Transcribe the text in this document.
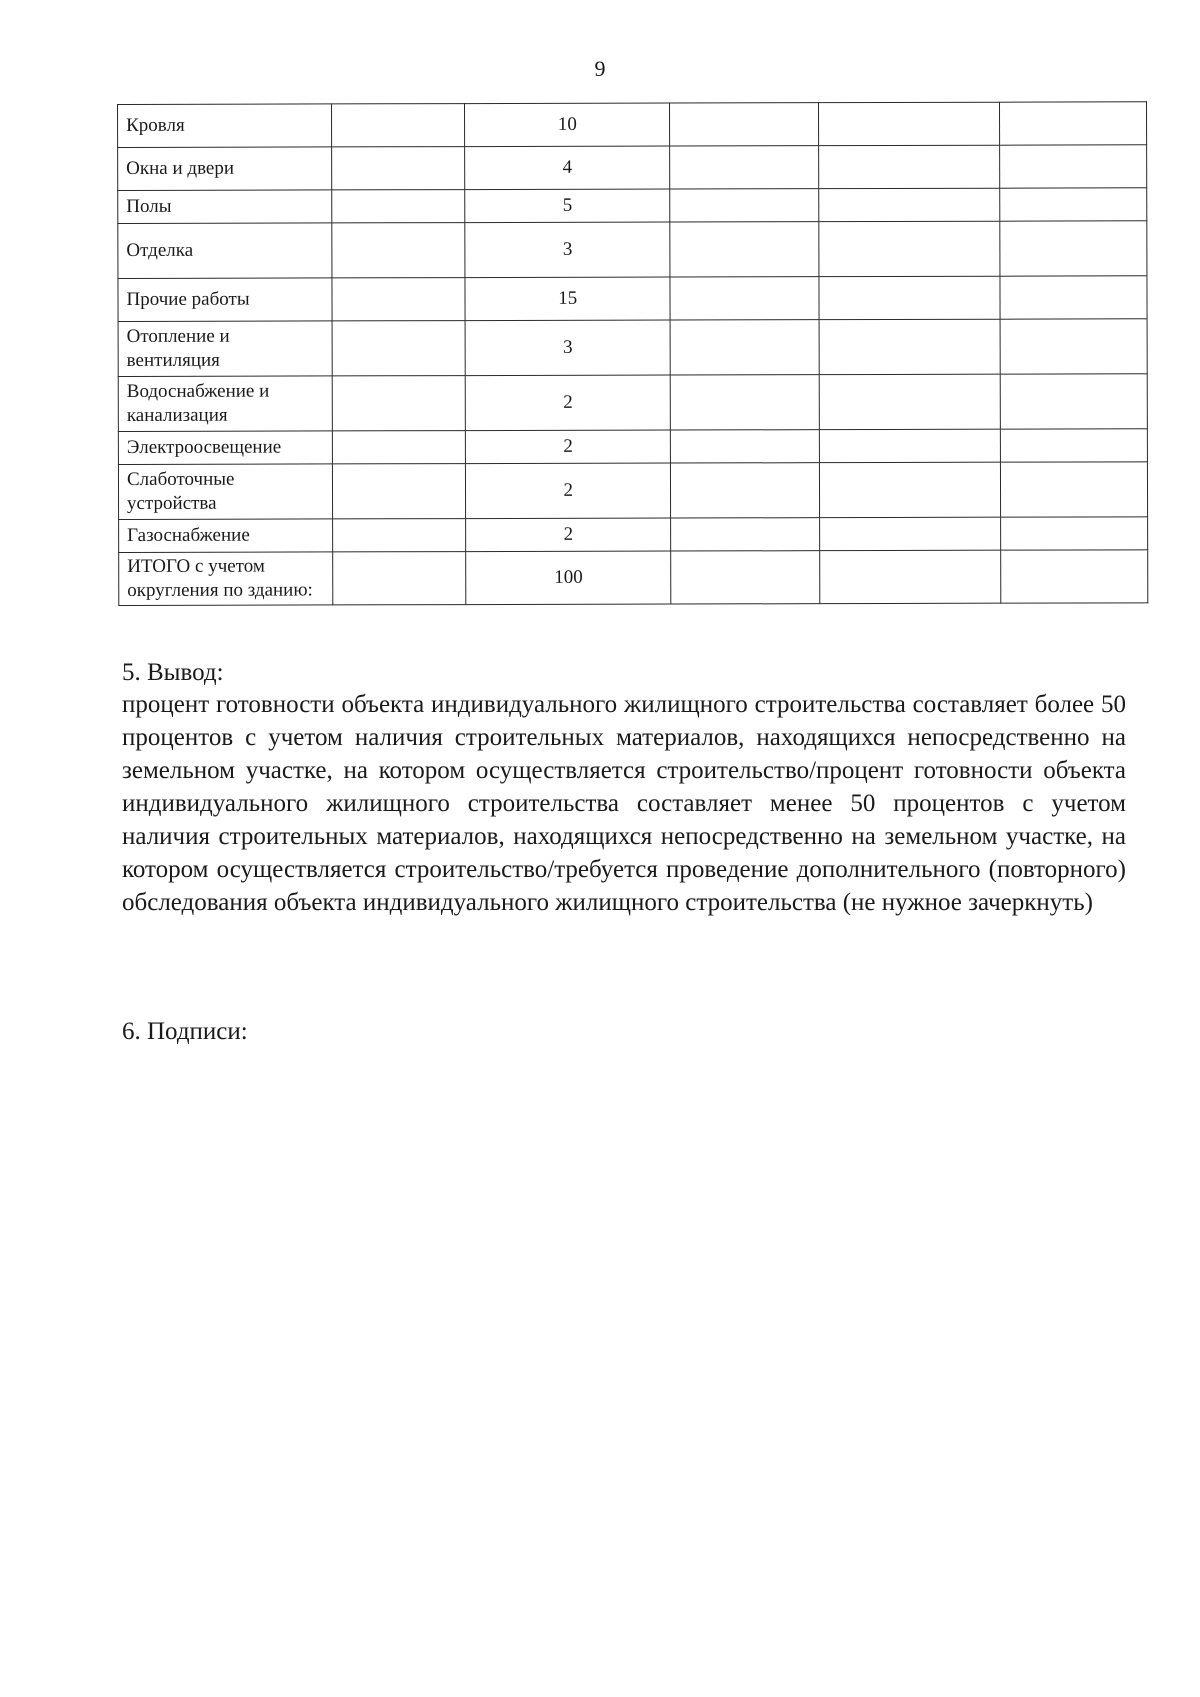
9
Кровля		10			
Окна и двери		4			
Полы		5			
Отделка		3			
Прочие работы		15			
Отопление и вентиляция		3			
Водоснабжение и канализация		2			
Электроосвещение		2			
Слаботочные устройства		2			
Газоснабжение		2			
ИТОГО с учетом округления по зданию:		100			
5. Вывод:
процент готовности объекта индивидуального жилищного строительства составляет более 50 процентов с учетом наличия строительных материалов, находящихся непосредственно на земельном участке, на котором осуществляется строительство/процент готовности объекта индивидуального жилищного строительства составляет менее 50 процентов с учетом наличия строительных материалов, находящихся непосредственно на земельном участке, на котором осуществляется строительство/требуется проведение дополнительного (повторного) обследования объекта индивидуального жилищного строительства (не нужное зачеркнуть)
6. Подписи:
